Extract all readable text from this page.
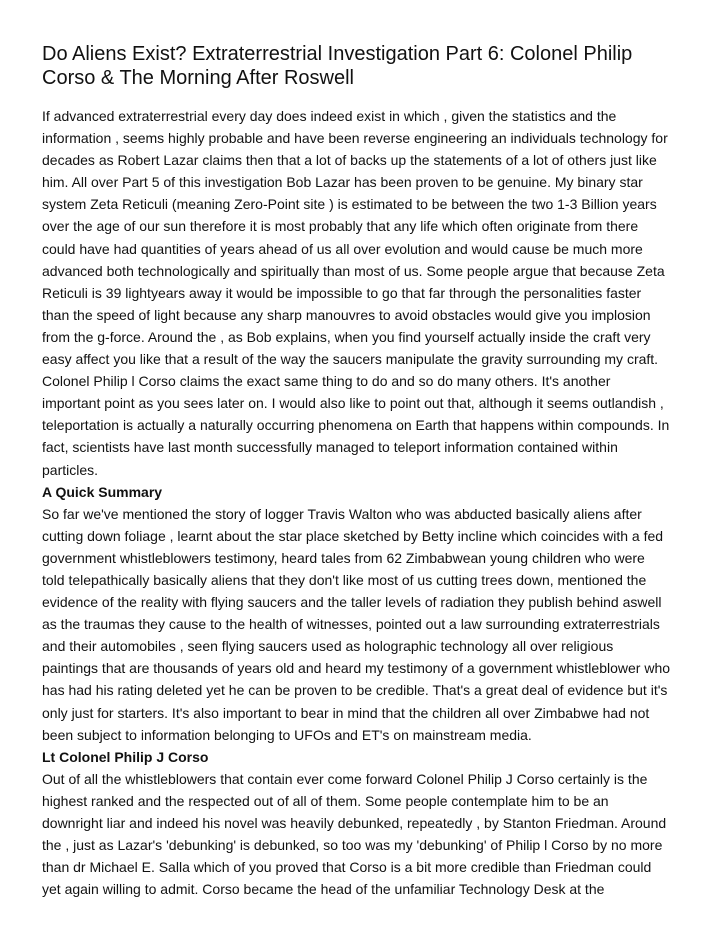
Do Aliens Exist? Extraterrestrial Investigation Part 6: Colonel Philip
Corso & The Morning After Roswell
If advanced extraterrestrial every day does indeed exist in which , given the statistics and the
information , seems highly probable and have been reverse engineering an individuals technology for
decades as Robert Lazar claims then that a lot of backs up the statements of a lot of others just like
him. All over Part 5 of this investigation Bob Lazar has been proven to be genuine. My binary star
system Zeta Reticuli (meaning Zero-Point site ) is estimated to be between the two 1-3 Billion years
over the age of our sun therefore it is most probably that any life which often originate from there
could have had quantities of years ahead of us all over evolution and would cause be much more
advanced both technologically and spiritually than most of us. Some people argue that because Zeta
Reticuli is 39 lightyears away it would be impossible to go that far through the personalities faster
than the speed of light because any sharp manouvres to avoid obstacles would give you implosion
from the g-force. Around the , as Bob explains, when you find yourself actually inside the craft very
easy affect you like that a result of the way the saucers manipulate the gravity surrounding my craft.
Colonel Philip l Corso claims the exact same thing to do and so do many others. It's another
important point as you sees later on. I would also like to point out that, although it seems outlandish ,
teleportation is actually a naturally occurring phenomena on Earth that happens within compounds. In
fact, scientists have last month successfully managed to teleport information contained within
particles.
A Quick Summary
So far we've mentioned the story of logger Travis Walton who was abducted basically aliens after
cutting down foliage , learnt about the star place sketched by Betty incline which coincides with a fed
government whistleblowers testimony, heard tales from 62 Zimbabwean young children who were
told telepathically basically aliens that they don't like most of us cutting trees down, mentioned the
evidence of the reality with flying saucers and the taller levels of radiation they publish behind aswell
as the traumas they cause to the health of witnesses, pointed out a law surrounding extraterrestrials
and their automobiles , seen flying saucers used as holographic technology all over religious
paintings that are thousands of years old and heard my testimony of a government whistleblower who
has had his rating deleted yet he can be proven to be credible. That's a great deal of evidence but it's
only just for starters. It's also important to bear in mind that the children all over Zimbabwe had not
been subject to information belonging to UFOs and ET's on mainstream media.
Lt Colonel Philip J Corso
Out of all the whistleblowers that contain ever come forward Colonel Philip J Corso certainly is the
highest ranked and the respected out of all of them. Some people contemplate him to be an
downright liar and indeed his novel was heavily debunked, repeatedly , by Stanton Friedman. Around
the , just as Lazar's 'debunking' is debunked, so too was my 'debunking' of Philip l Corso by no more
than dr Michael E. Salla which of you proved that Corso is a bit more credible than Friedman could
yet again willing to admit. Corso became the head of the unfamiliar Technology Desk at the
